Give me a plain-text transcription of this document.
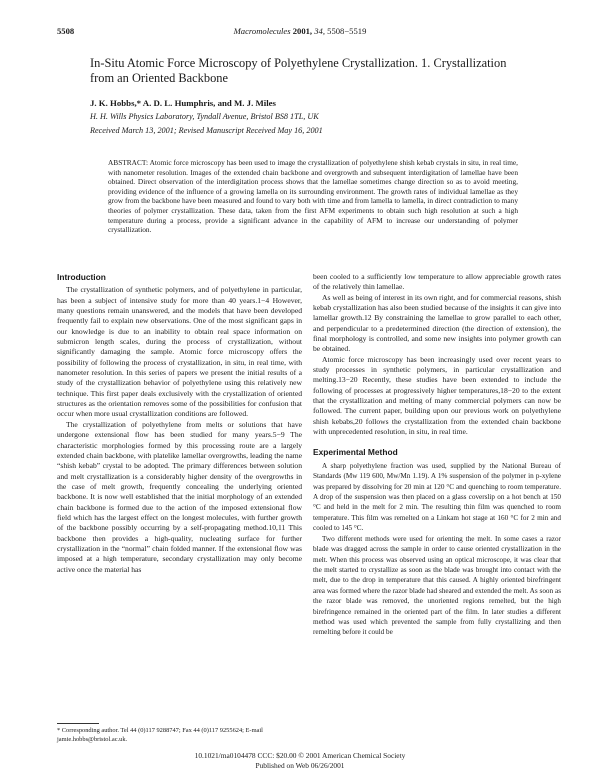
5508	Macromolecules 2001, 34, 5508−5519
In-Situ Atomic Force Microscopy of Polyethylene Crystallization. 1. Crystallization from an Oriented Backbone
J. K. Hobbs,* A. D. L. Humphris, and M. J. Miles
H. H. Wills Physics Laboratory, Tyndall Avenue, Bristol BS8 1TL, UK
Received March 13, 2001; Revised Manuscript Received May 16, 2001
ABSTRACT: Atomic force microscopy has been used to image the crystallization of polyethylene shish kebab crystals in situ, in real time, with nanometer resolution. Images of the extended chain backbone and overgrowth and subsequent interdigitation of lamellae have been obtained. Direct observation of the interdigitation process shows that the lamellae sometimes change direction so as to avoid meeting, providing evidence of the influence of a growing lamella on its surrounding environment. The growth rates of individual lamellae as they grow from the backbone have been measured and found to vary both with time and from lamella to lamella, in direct contradiction to many theories of polymer crystallization. These data, taken from the first AFM experiments to obtain such high resolution at such a high temperature during a process, provide a significant advance in the capability of AFM to increase our understanding of polymer crystallization.
Introduction

The crystallization of synthetic polymers, and of polyethylene in particular, has been a subject of intensive study for more than 40 years.1−4 However, many questions remain unanswered, and the models that have been developed frequently fail to explain new observations. One of the most significant gaps in our knowledge is due to an inability to obtain real space information on submicron length scales, during the process of crystallization, without significantly damaging the sample. Atomic force microscopy offers the possibility of following the process of crystallization, in situ, in real time, with nanometer resolution. In this series of papers we present the initial results of a study of the crystallization behavior of polyethylene using this relatively new technique. This first paper deals exclusively with the crystallization of oriented structures as the orientation removes some of the possibilities for confusion that occur when more usual crystallization conditions are followed.

The crystallization of polyethylene from melts or solutions that have undergone extensional flow has been studied for many years.5−9 The characteristic morphologies formed by this processing route are a largely extended chain backbone, with platelike lamellar overgrowths, leading the name “shish kebab” crystal to be adopted. The primary differences between solution and melt crystallization is a considerably higher density of the overgrowths in the case of melt growth, frequently concealing the underlying oriented backbone. It is now well established that the initial morphology of an extended chain backbone is formed due to the action of the imposed extensional flow field which has the largest effect on the longest molecules, with further growth of the backbone possibly occurring by a self-propagating method.10,11 This backbone then provides a high-quality, nucleating surface for further crystallization in the “normal” chain folded manner. If the extensional flow was imposed at a high temperature, secondary crystallization may only become active once the material has

been cooled to a sufficiently low temperature to allow appreciable growth rates of the relatively thin lamellae.

As well as being of interest in its own right, and for commercial reasons, shish kebab crystallization has also been studied because of the insights it can give into lamellar growth.12 By constraining the lamellae to grow parallel to each other, and perpendicular to a predetermined direction (the direction of extension), the final morphology is controlled, and some new insights into polymer growth can be obtained.

Atomic force microscopy has been increasingly used over recent years to study processes in synthetic polymers, in particular crystallization and melting.13−20 Recently, these studies have been extended to include the following of processes at progressively higher temperatures,18−20 to the extent that the crystallization and melting of many commercial polymers can now be followed. The current paper, building upon our previous work on polyethylene shish kebabs,20 follows the crystallization from the extended chain backbone with unprecedented resolution, in situ, in real time.

Experimental Method

A sharp polyethylene fraction was used, supplied by the National Bureau of Standards (Mw 119 600, Mw/Mn 1.19). A 1% suspension of the polymer in p-xylene was prepared by dissolving for 20 min at 120 °C and quenching to room temperature. A drop of the suspension was then placed on a glass coverslip on a hot bench at 150 °C and held in the melt for 2 min. The resulting thin film was quenched to room temperature. This film was remelted on a Linkam hot stage at 160 °C for 2 min and cooled to 145 °C.

Two different methods were used for orienting the melt. In some cases a razor blade was dragged across the sample in order to cause oriented crystallization in the melt. When this process was observed using an optical microscope, it was clear that the melt started to crystallize as soon as the blade was brought into contact with the melt, due to the drop in temperature that this caused. A highly oriented birefringent area was formed where the razor blade had sheared and extended the melt. As soon as the razor blade was removed, the unoriented regions remelted, but the high birefringence remained in the oriented part of the film. In later studies a different method was used which prevented the sample from fully crystallizing and then remelting before it could be

* Corresponding author. Tel 44 (0)117 9288747; Fax 44 (0)117 9255624; E-mail jamie.hobbs@bristol.ac.uk.
10.1021/ma0104478 CCC: $20.00 © 2001 American Chemical Society
Published on Web 06/26/2001
